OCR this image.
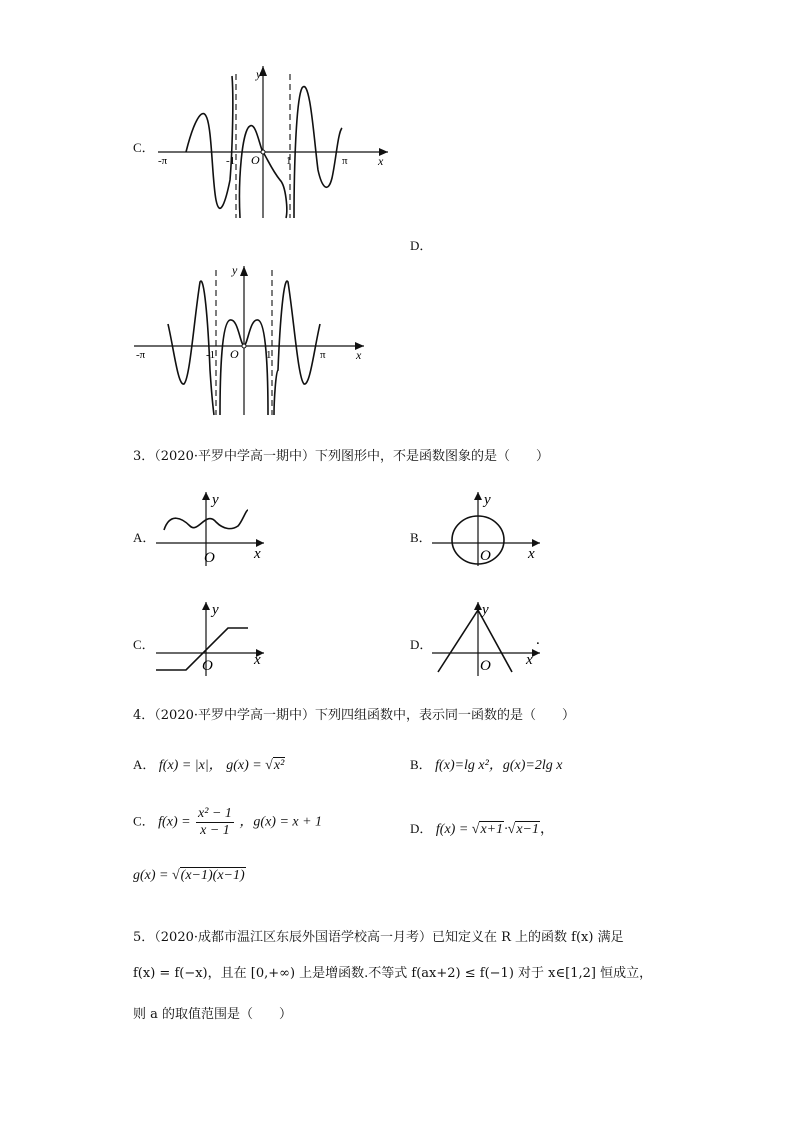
C．
y
x
O
-1	1
-π	π
D．
y
x
O
-1	1
-π	π
3．（2020·平罗中学高一期中）下列图形中，不是函数图象的是（　　）
A．
y
x
O
B．
y
x
O
C．
y
x
O
D．
y
x
O
.
4．（2020·平罗中学高一期中）下列四组函数中，表示同一函数的是（　　）
A． f(x) = |x|， g(x) = √x²	B． f(x)=lg x²，g(x)=2lg x
C． $f(x) = \frac{\text{x² − 1}}{x - 1}$ ，g(x) = x + 1	D． f(x) = √x+1·√x−1，
g(x) = √(x−1)(x−1)
5．（2020·成都市温江区东辰外国语学校高一月考）已知定义在 R 上的函数 f(x) 满足
f(x) = f(−x)，且在 [0,+∞) 上是增函数.不等式 f(ax+2) ≤ f(−1) 对于 x∈[1,2] 恒成立，
则 a 的取值范围是（　　）
